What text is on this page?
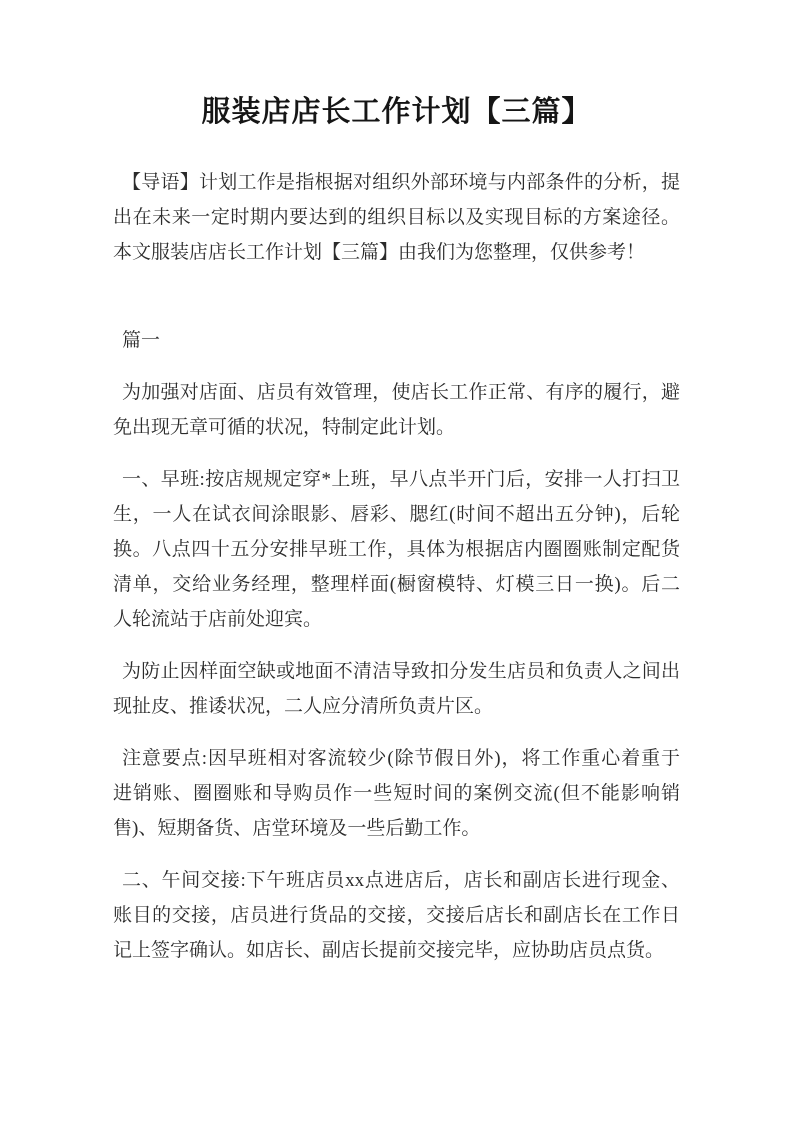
服装店店长工作计划【三篇】
【导语】计划工作是指根据对组织外部环境与内部条件的分析，提
出在未来一定时期内要达到的组织目标以及实现目标的方案途径。
本文服装店店长工作计划【三篇】由我们为您整理，仅供参考！
篇一
为加强对店面、店员有效管理，使店长工作正常、有序的履行，避
免出现无章可循的状况，特制定此计划。
一、早班:按店规规定穿*上班，早八点半开门后，安排一人打扫卫
生，一人在试衣间涂眼影、唇彩、腮红(时间不超出五分钟)，后轮
换。八点四十五分安排早班工作，具体为根据店内圈圈账制定配货
清单，交给业务经理，整理样面(橱窗模特、灯模三日一换)。后二
人轮流站于店前处迎宾。
为防止因样面空缺或地面不清洁导致扣分发生店员和负责人之间出
现扯皮、推诿状况，二人应分清所负责片区。
注意要点:因早班相对客流较少(除节假日外)，将工作重心着重于
进销账、圈圈账和导购员作一些短时间的案例交流(但不能影响销
售)、短期备货、店堂环境及一些后勤工作。
二、午间交接:下午班店员xx点进店后，店长和副店长进行现金、
账目的交接，店员进行货品的交接，交接后店长和副店长在工作日
记上签字确认。如店长、副店长提前交接完毕，应协助店员点货。
